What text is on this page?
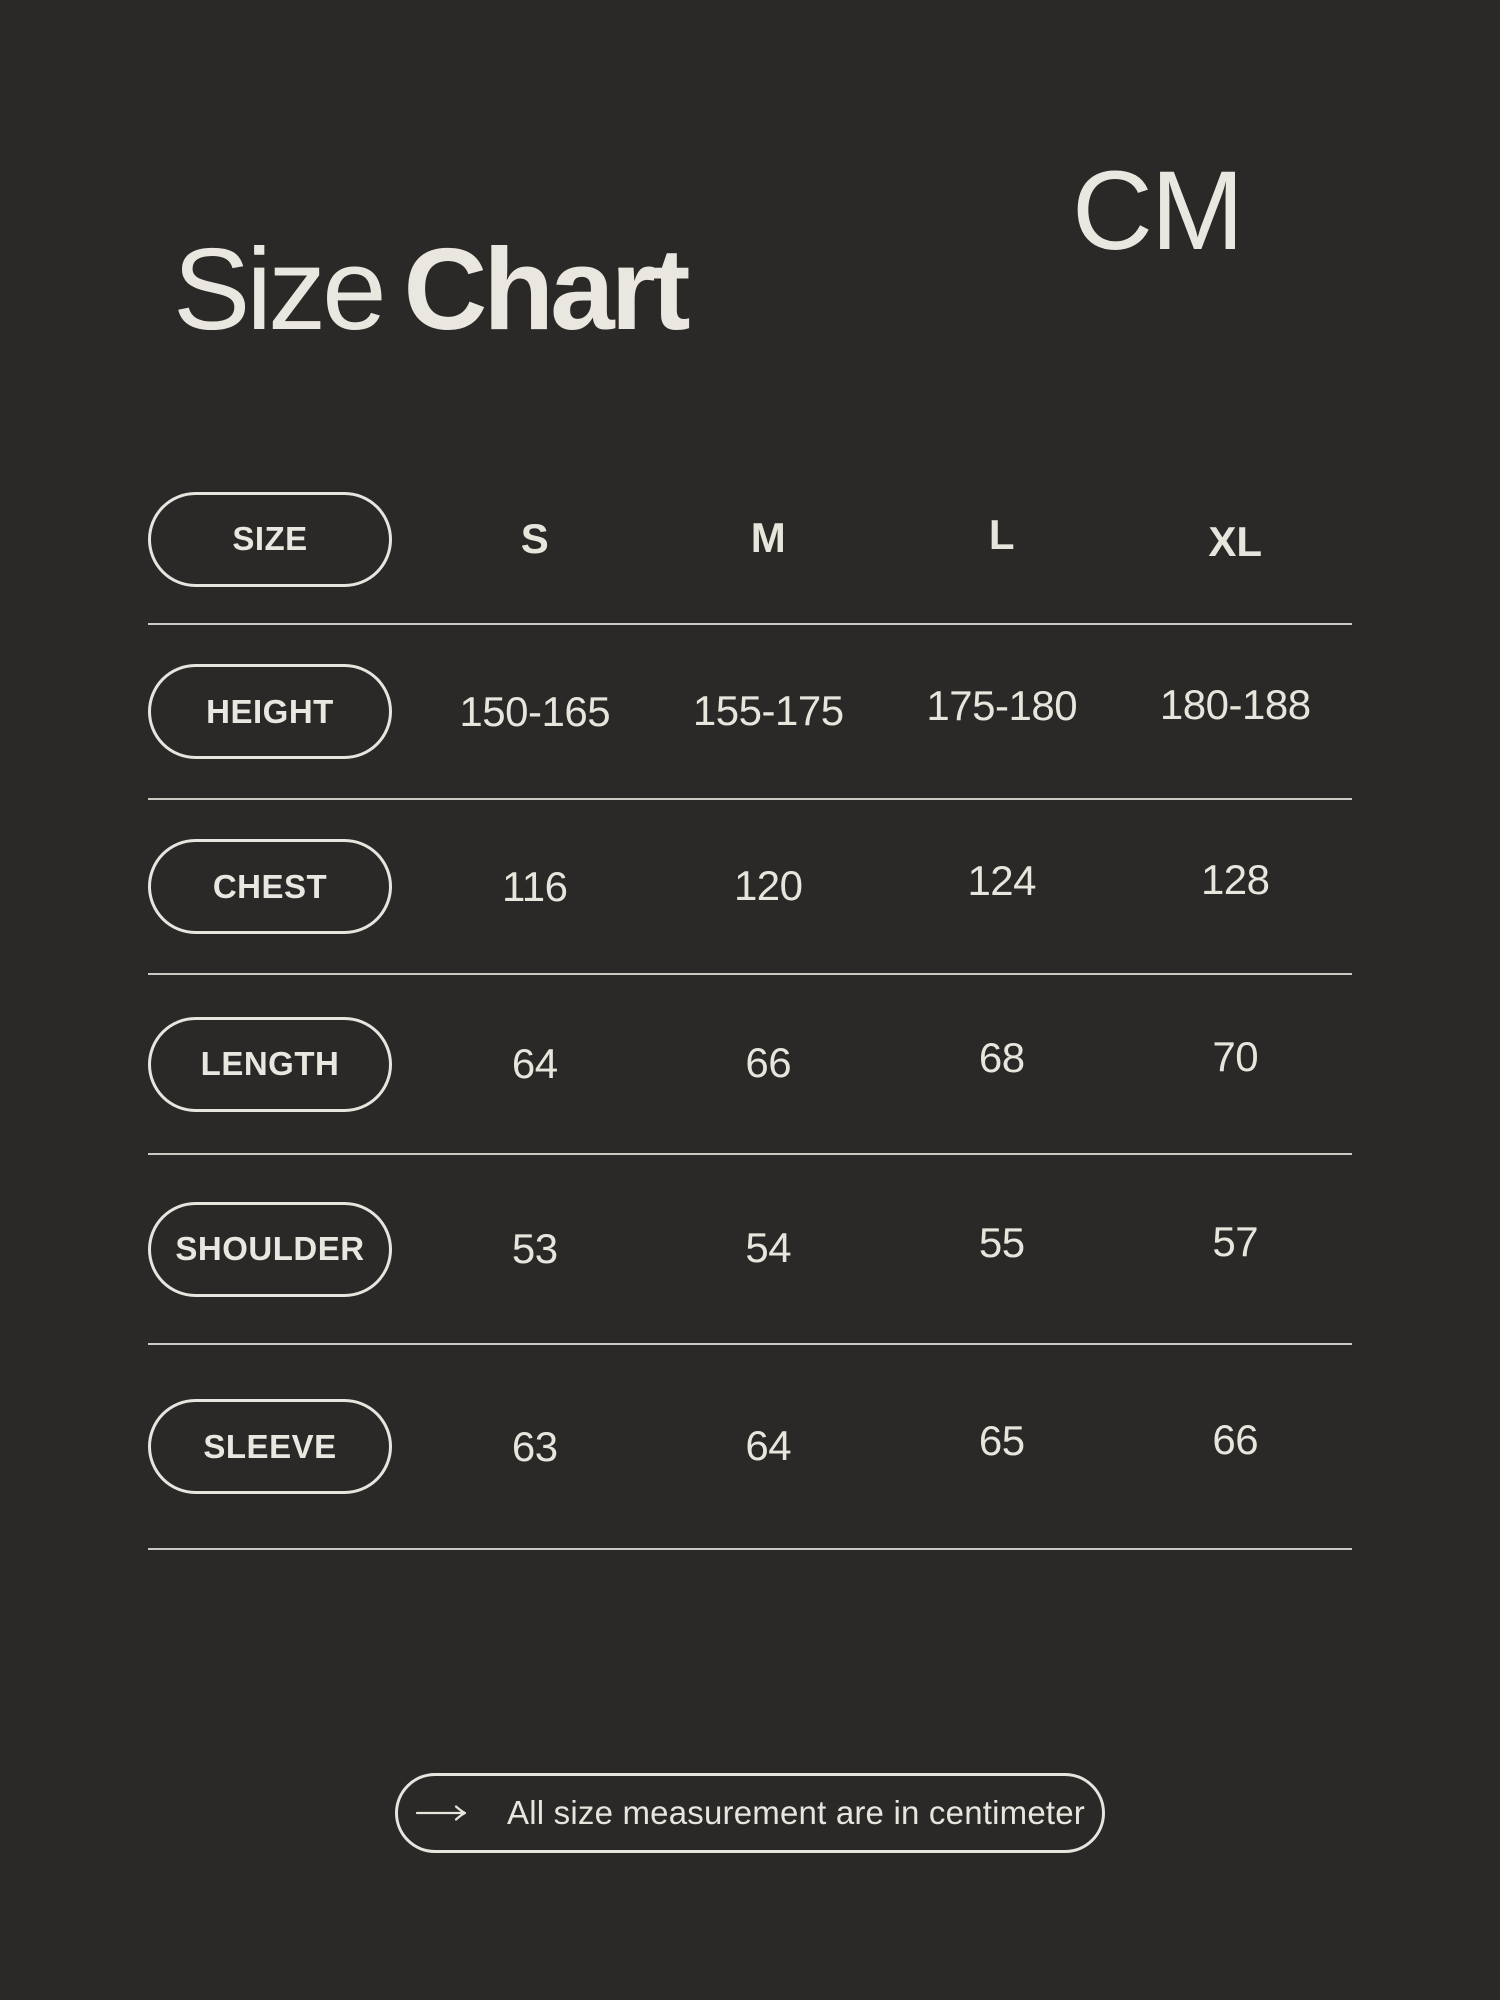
Size Chart
CM
SIZE	S	M	L	XL
HEIGHT	150-165	155-175	175-180	180-188
CHEST	116	120	124	128
LENGTH	64	66	68	70
SHOULDER	53	54	55	57
SLEEVE	63	64	65	66
All size measurement are in centimeter
